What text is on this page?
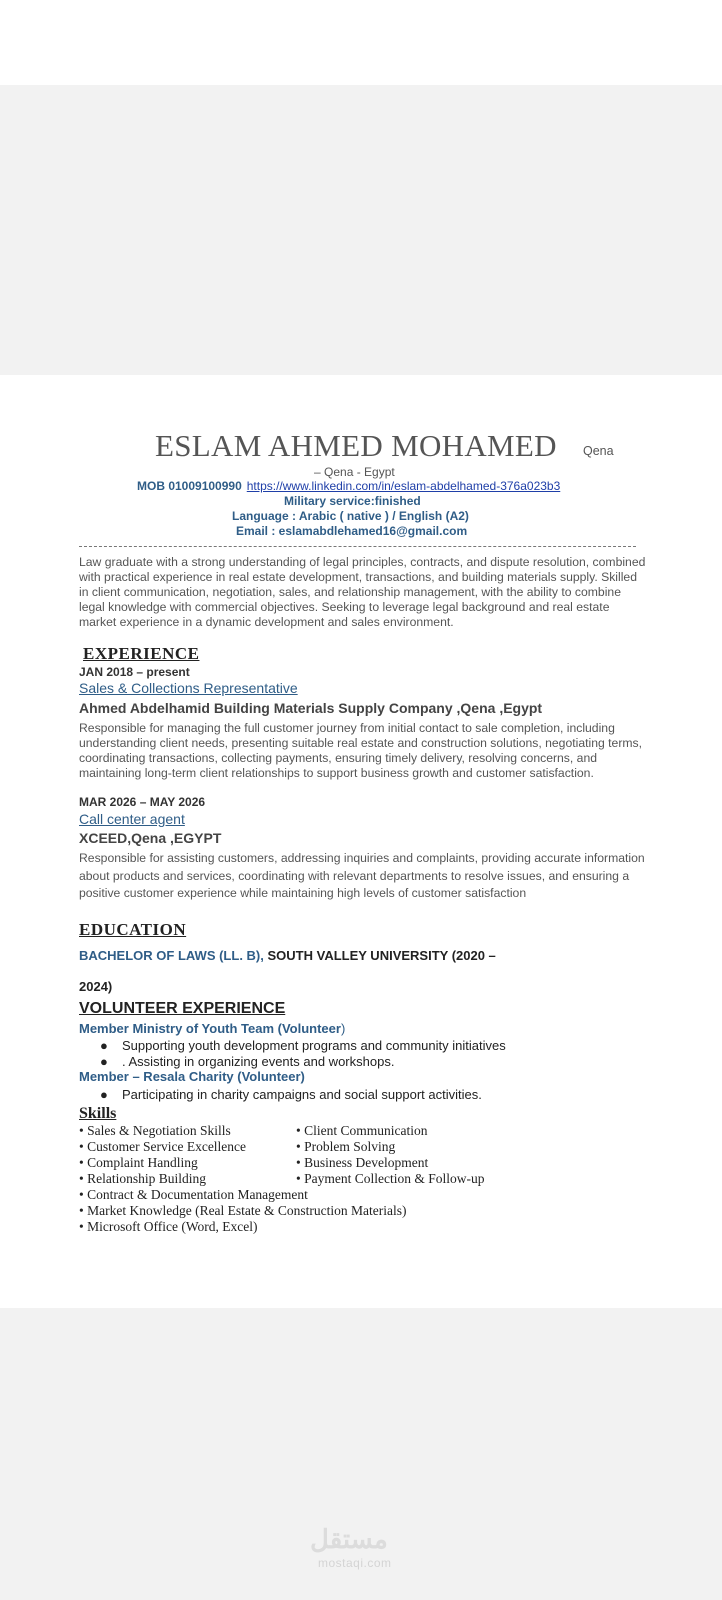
ESLAM AHMED MOHAMED Qena
– Qena - Egypt
MOB 01009100990 https://www.linkedin.com/in/eslam-abdelhamed-376a023b3
Military service:finished
Language : Arabic ( native ) / English (A2)
Email : eslamabdlehamed16@gmail.com
Law graduate with a strong understanding of legal principles, contracts, and dispute resolution, combined with practical experience in real estate development, transactions, and building materials supply. Skilled in client communication, negotiation, sales, and relationship management, with the ability to combine legal knowledge with commercial objectives. Seeking to leverage legal background and real estate market experience in a dynamic development and sales environment.
EXPERIENCE
JAN 2018 – present
Sales & Collections Representative
Ahmed Abdelhamid Building Materials Supply Company ,Qena ,Egypt
Responsible for managing the full customer journey from initial contact to sale completion, including understanding client needs, presenting suitable real estate and construction solutions, negotiating terms, coordinating transactions, collecting payments, ensuring timely delivery, resolving concerns, and maintaining long-term client relationships to support business growth and customer satisfaction.
MAR 2026 – MAY 2026
Call center agent
XCEED,Qena ,EGYPT
Responsible for assisting customers, addressing inquiries and complaints, providing accurate information about products and services, coordinating with relevant departments to resolve issues, and ensuring a positive customer experience while maintaining high levels of customer satisfaction
EDUCATION
BACHELOR OF LAWS (LL. B), SOUTH VALLEY UNIVERSITY (2020 –
2024)
VOLUNTEER EXPERIENCE
Member Ministry of Youth Team (Volunteer)
● Supporting youth development programs and community initiatives
● . Assisting in organizing events and workshops.
Member – Resala Charity (Volunteer)
● Participating in charity campaigns and social support activities.
Skills
• Sales & Negotiation Skills	• Client Communication
• Customer Service Excellence	• Problem Solving
• Complaint Handling	• Business Development
• Relationship Building	• Payment Collection & Follow-up
• Contract & Documentation Management
• Market Knowledge (Real Estate & Construction Materials)
• Microsoft Office (Word, Excel)
مستقل
mostaqi.com
